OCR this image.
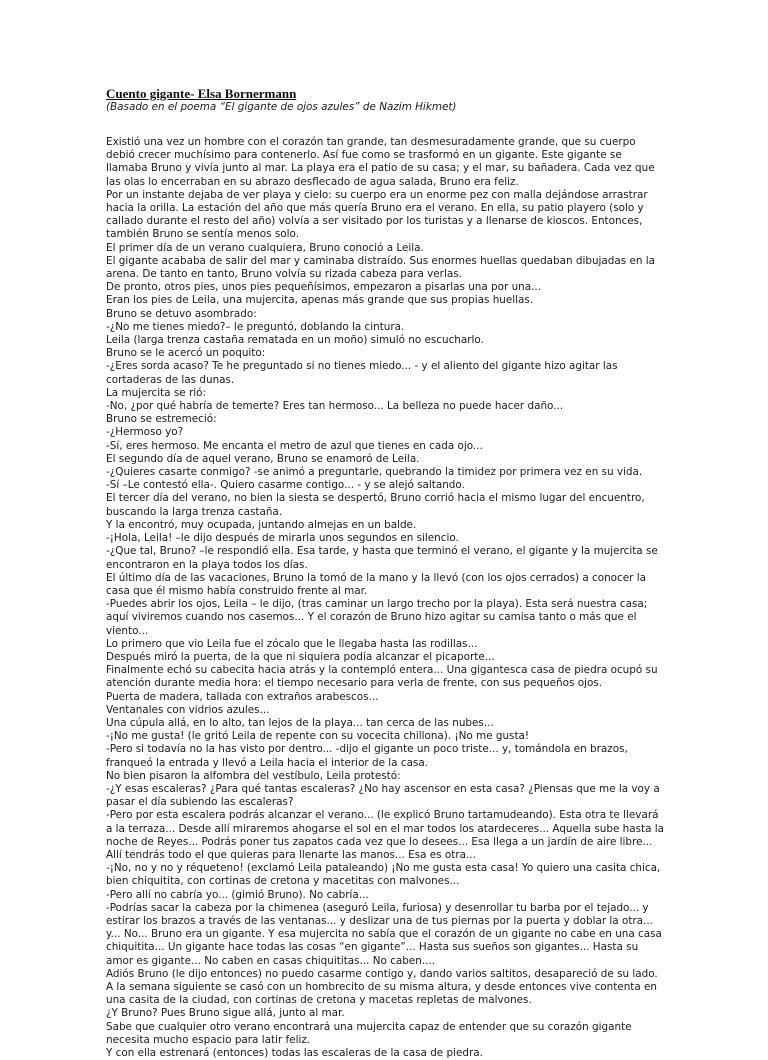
Cuento gigante- Elsa Bornermann

(Basado en el poema “El gigante de ojos azules” de Nazim Hikmet)

Existió una vez un hombre con el corazón tan grande, tan desmesuradamente grande, que su cuerpo debió crecer muchísimo para contenerlo. Así fue como se trasformó en un gigante. Este gigante se llamaba Bruno y vivía junto al mar. La playa era el patio de su casa; y el mar, su bañadera. Cada vez que las olas lo encerraban en su abrazo desflecado de agua salada, Bruno era feliz.

Por un instante dejaba de ver playa y cielo: su cuerpo era un enorme pez con malla dejándose arrastrar hacia la orilla. La estación del año que más quería Bruno era el verano. En ella, su patio playero (solo y callado durante el resto del año) volvía a ser visitado por los turistas y a llenarse de kioscos. Entonces, también Bruno se sentía menos solo.

El primer día de un verano cualquiera, Bruno conoció a Leila.

El gigante acababa de salir del mar y caminaba distraído. Sus enormes huellas quedaban dibujadas en la arena. De tanto en tanto, Bruno volvía su rizada cabeza para verlas.

De pronto, otros pies, unos pies pequeñísimos, empezaron a pisarlas una por una...

Eran los pies de Leila, una mujercita, apenas más grande que sus propias huellas.

Bruno se detuvo asombrado:

-¿No me tienes miedo?– le preguntó, doblando la cintura.

Leila (larga trenza castaña rematada en un moño) simuló no escucharlo.

Bruno se le acercó un poquito:

-¿Eres sorda acaso? Te he preguntado si no tienes miedo... - y el aliento del gigante hizo agitar las cortaderas de las dunas.

La mujercita se rió:

-No, ¿por qué habría de temerte? Eres tan hermoso... La belleza no puede hacer daño...

Bruno se estremeció:

-¿Hermoso yo?

-Sí, eres hermoso. Me encanta el metro de azul que tienes en cada ojo...

El segundo día de aquel verano, Bruno se enamoró de Leila.

-¿Quieres casarte conmigo? -se animó a preguntarle, quebrando la timidez por primera vez en su vida.

-Sí –Le contestó ella-. Quiero casarme contigo... - y se alejó saltando.

El tercer día del verano, no bien la siesta se despertó, Bruno corrió hacia el mismo lugar del encuentro, buscando la larga trenza castaña.

Y la encontró, muy ocupada, juntando almejas en un balde.

-¡Hola, Leila! –le dijo después de mirarla unos segundos en silencio.

-¿Que tal, Bruno? –le respondió ella. Esa tarde, y hasta que terminó el verano, el gigante y la mujercita se encontraron en la playa todos los días.

El último día de las vacaciones, Bruno la tomó de la mano y la llevó (con los ojos cerrados) a conocer la casa que él mismo había construido frente al mar.

-Puedes abrir los ojos, Leila – le dijo, (tras caminar un largo trecho por la playa). Esta será nuestra casa; aquí viviremos cuando nos casemos... Y el corazón de Bruno hizo agitar su camisa tanto o más que el viento...

Lo primero que vio Leila fue el zócalo que le llegaba hasta las rodillas...

Después miró la puerta, de la que ni siquiera podía alcanzar el picaporte...

Finalmente echó su cabecita hacia atrás y la contempló entera... Una gigantesca casa de piedra ocupó su atención durante media hora: el tiempo necesario para verla de frente, con sus pequeños ojos.

Puerta de madera, tallada con extraños arabescos...

Ventanales con vidrios azules...

Una cúpula allá, en lo alto, tan lejos de la playa... tan cerca de las nubes...

-¡No me gusta! (le gritó Leila de repente con su vocecita chillona). ¡No me gusta!

-Pero si todavía no la has visto por dentro... -dijo el gigante un poco triste... y, tomándola en brazos, franqueó la entrada y llevó a Leila hacia el interior de la casa.

No bien pisaron la alfombra del vestíbulo, Leila protestó:

-¿Y esas escaleras? ¿Para qué tantas escaleras? ¿No hay ascensor en esta casa? ¿Piensas que me la voy a pasar el día subiendo las escaleras?

-Pero por esta escalera podrás alcanzar el verano... (le explicó Bruno tartamudeando). Esta otra te llevará a la terraza... Desde allí miraremos ahogarse el sol en el mar todos los atardeceres... Aquella sube hasta la noche de Reyes... Podrás poner tus zapatos cada vez que lo desees... Esa llega a un jardín de aire libre... Allí tendrás todo el que quieras para llenarte las manos... Esa es otra...

-¡No, no y no y réqueteno! (exclamó Leila pataleando) ¡No me gusta esta casa! Yo quiero una casita chica, bien chiquitita, con cortinas de cretona y macetitas con malvones...

-Pero allí no cabría yo... (gimió Bruno). No cabría...

-Podrías sacar la cabeza por la chimenea (aseguró Leila, furiosa) y desenrollar tu barba por el tejado... y estirar los brazos a través de las ventanas... y deslizar una de tus piernas por la puerta y doblar la otra... y... No... Bruno era un gigante. Y esa mujercita no sabía que el corazón de un gigante no cabe en una casa chiquitita... Un gigante hace todas las cosas “en gigante”... Hasta sus sueños son gigantes... Hasta su amor es gigante... No caben en casas chiquititas... No caben....

Adiós Bruno (le dijo entonces) no puedo casarme contigo y, dando varios saltitos, desapareció de su lado.

A la semana siguiente se casó con un hombrecito de su misma altura, y desde entonces vive contenta en una casita de la ciudad, con cortinas de cretona y macetas repletas de malvones.

¿Y Bruno? Pues Bruno sigue allá, junto al mar.

Sabe que cualquier otro verano encontrará una mujercita capaz de entender que su corazón gigante necesita mucho espacio para latir feliz.

Y con ella estrenará (entonces) todas las escaleras de la casa de piedra.
